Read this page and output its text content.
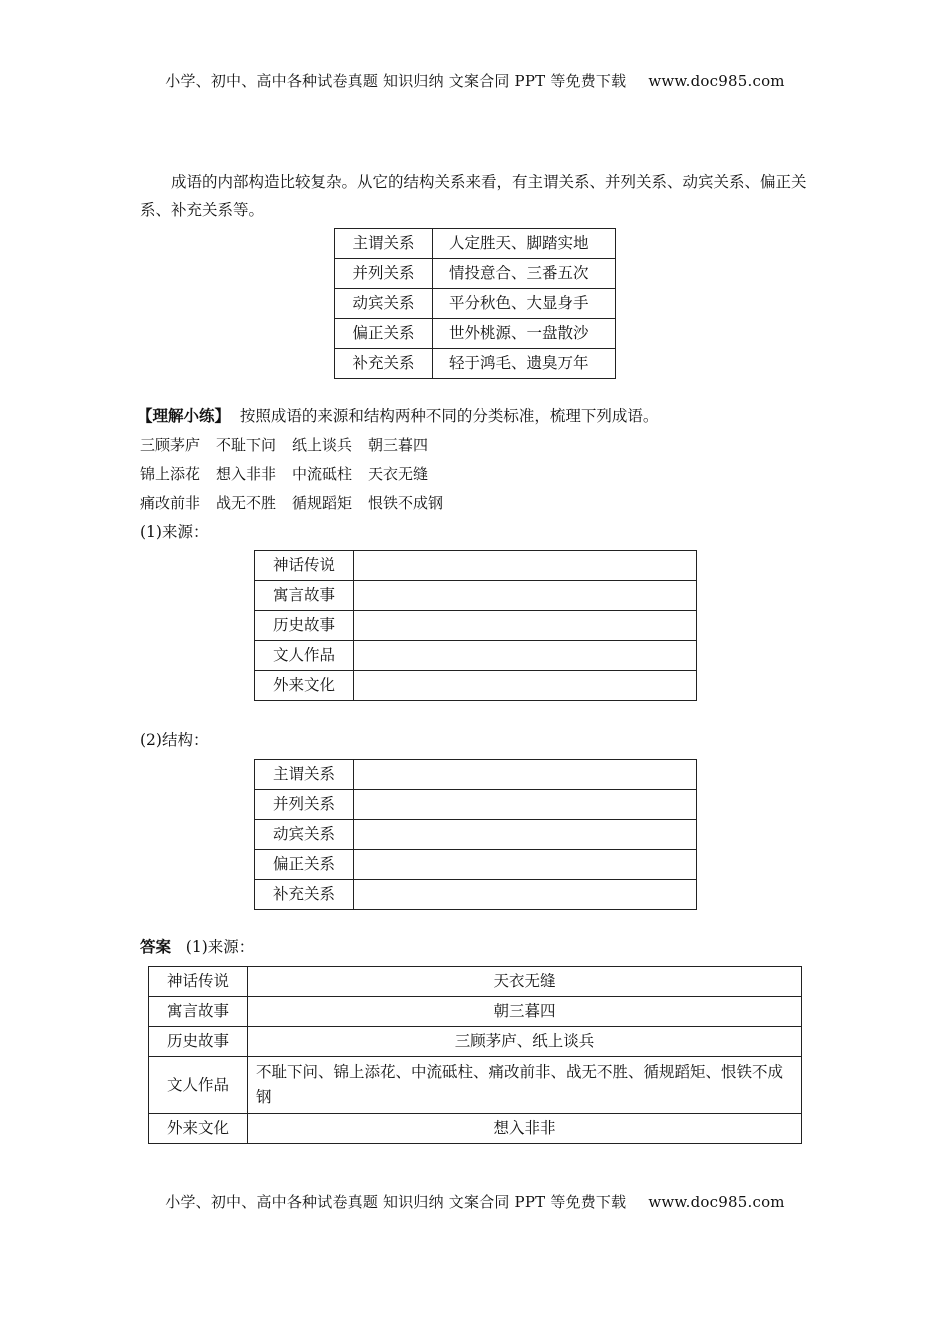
小学、初中、高中各种试卷真题 知识归纳 文案合同 PPT 等免费下载 www.doc985.com
成语的内部构造比较复杂。从它的结构关系来看，有主谓关系、并列关系、动宾关系、偏正关系、补充关系等。
主谓关系	人定胜天、脚踏实地
并列关系	情投意合、三番五次
动宾关系	平分秋色、大显身手
偏正关系	世外桃源、一盘散沙
补充关系	轻于鸿毛、遗臭万年
【理解小练】 按照成语的来源和结构两种不同的分类标准，梳理下列成语。
三顾茅庐 不耻下问 纸上谈兵 朝三暮四
锦上添花 想入非非 中流砥柱 天衣无缝
痛改前非 战无不胜 循规蹈矩 恨铁不成钢
(1)来源：
神话传说	
寓言故事	
历史故事	
文人作品	
外来文化	
(2)结构：
主谓关系	
并列关系	
动宾关系	
偏正关系	
补充关系	
答案 (1)来源：
神话传说	天衣无缝
寓言故事	朝三暮四
历史故事	三顾茅庐、纸上谈兵
文人作品	不耻下问、锦上添花、中流砥柱、痛改前非、战无不胜、循规蹈矩、恨铁不成钢
外来文化	想入非非
小学、初中、高中各种试卷真题 知识归纳 文案合同 PPT 等免费下载 www.doc985.com
